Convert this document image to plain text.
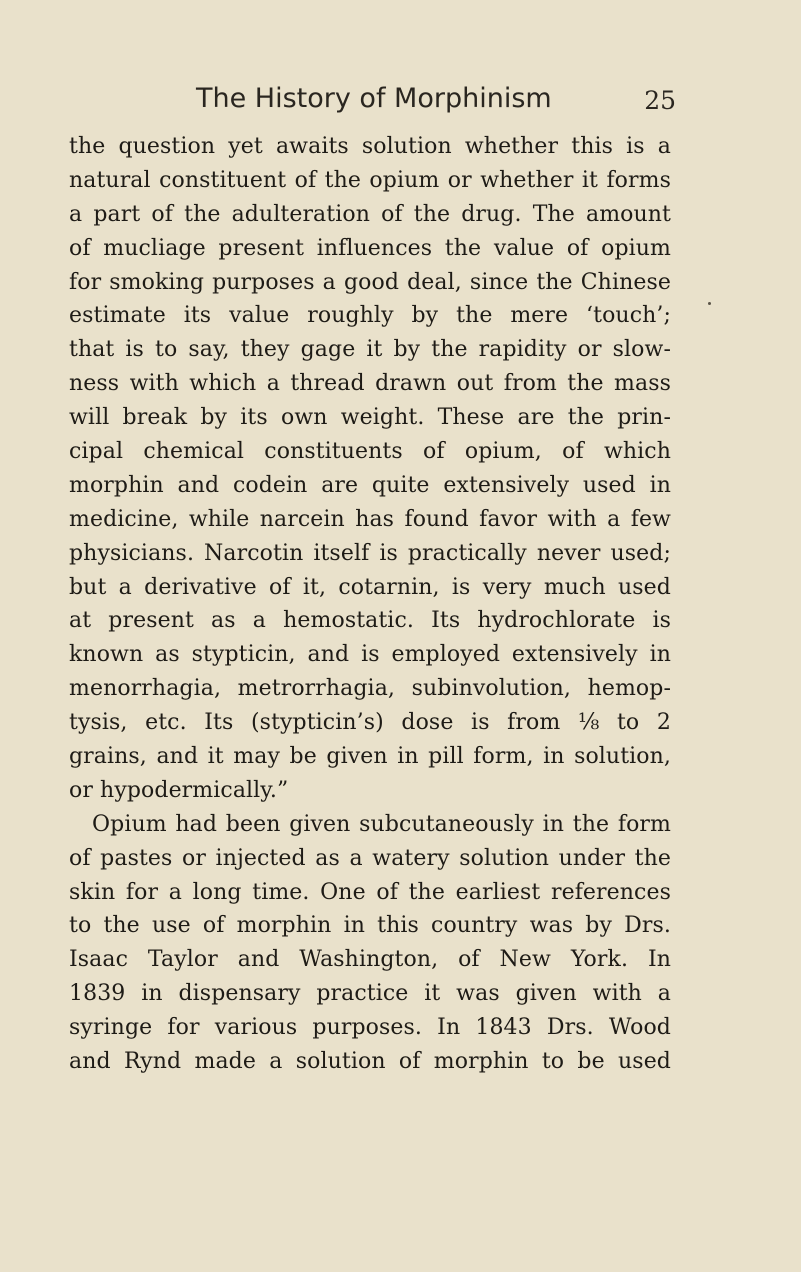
The History of Morphinism	25
the question yet awaits solution whether this is a
natural constituent of the opium or whether it forms
a part of the adulteration of the drug. The amount
of mucliage present influences the value of opium
for smoking purposes a good deal, since the Chinese
estimate its value roughly by the mere ‘touch’;
that is to say, they gage it by the rapidity or slow-
ness with which a thread drawn out from the mass
will break by its own weight. These are the prin-
cipal chemical constituents of opium, of which
morphin and codein are quite extensively used in
medicine, while narcein has found favor with a few
physicians. Narcotin itself is practically never used;
but a derivative of it, cotarnin, is very much used
at present as a hemostatic. Its hydrochlorate is
known as stypticin, and is employed extensively in
menorrhagia, metrorrhagia, subinvolution, hemop-
tysis, etc. Its (stypticin’s) dose is from ⅛ to 2
grains, and it may be given in pill form, in solution,
or hypodermically.”
Opium had been given subcutaneously in the form
of pastes or injected as a watery solution under the
skin for a long time. One of the earliest references
to the use of morphin in this country was by Drs.
Isaac Taylor and Washington, of New York. In
1839 in dispensary practice it was given with a
syringe for various purposes. In 1843 Drs. Wood
and Rynd made a solution of morphin to be used
